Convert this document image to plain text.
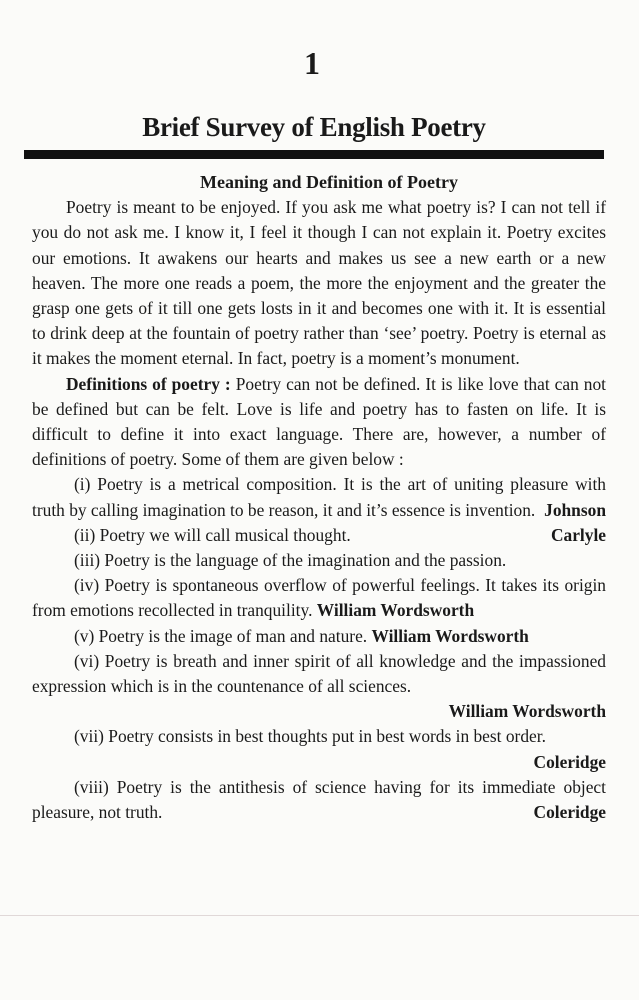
1
Brief Survey of English Poetry
Meaning and Definition of Poetry

Poetry is meant to be enjoyed. If you ask me what poetry is? I can not tell if you do not ask me. I know it, I feel it though I can not explain it. Poetry excites our emotions. It awakens our hearts and makes us see a new earth or a new heaven. The more one reads a poem, the more the enjoyment and the greater the grasp one gets of it till one gets losts in it and becomes one with it. It is essential to drink deep at the fountain of poetry rather than ‘see’ poetry. Poetry is eternal as it makes the moment eternal. In fact, poetry is a moment’s monument.

Definitions of poetry : Poetry can not be defined. It is like love that can not be defined but can be felt. Love is life and poetry has to fasten on life. It is difficult to define it into exact language. There are, however, a number of definitions of poetry. Some of them are given below :

(i) Poetry is a metrical composition. It is the art of uniting pleasure with truth by calling imagination to be reason, it and it’s essence is invention. Johnson

(ii) Poetry we will call musical thought.	Carlyle

(iii) Poetry is the language of the imagination and the passion.

(iv) Poetry is spontaneous overflow of powerful feelings. It takes its origin from emotions recollected in tranquility. William Wordsworth

(v) Poetry is the image of man and nature. William Wordsworth

(vi) Poetry is breath and inner spirit of all knowledge and the impassioned expression which is in the countenance of all sciences.

William Wordsworth

(vii) Poetry consists in best thoughts put in best words in best order.
Coleridge

(viii) Poetry is the antithesis of science having for its immediate object pleasure, not truth.	Coleridge
